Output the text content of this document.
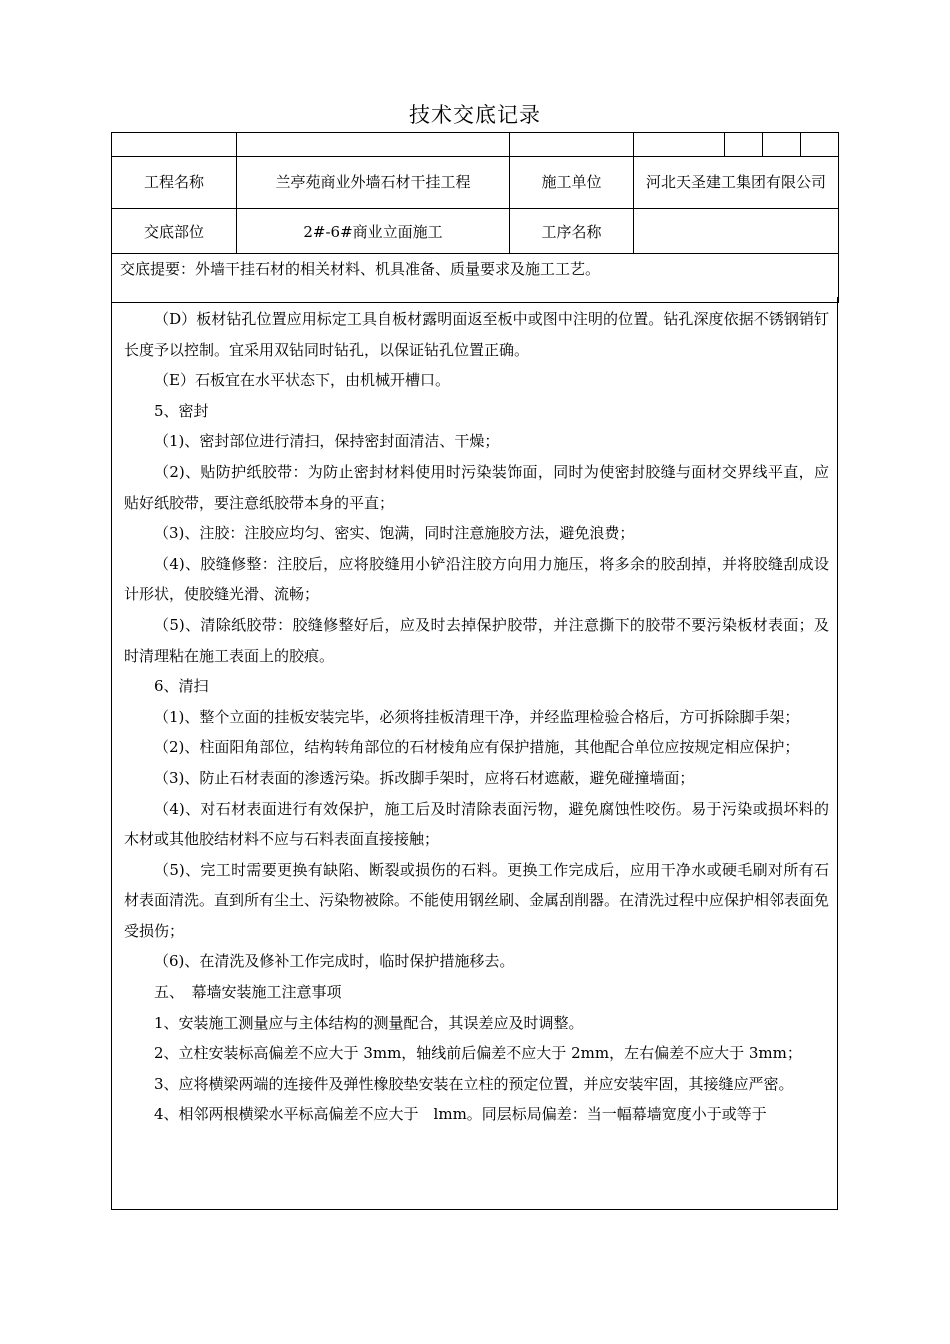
技术交底记录

工程名称	兰亭苑商业外墙石材干挂工程	施工单位	河北天圣建工集团有限公司
交底部位	2#-6#商业立面施工	工序名称	
交底提要：外墙干挂石材的相关材料、机具准备、质量要求及施工工艺。			
（D）板材钻孔位置应用标定工具自板材露明面返至板中或图中注明的位置。钻孔深度依据不锈钢销钉长度予以控制。宜采用双钻同时钻孔，以保证钻孔位置正确。
（E）石板宜在水平状态下，由机械开槽口。
5、密封
（1)、密封部位进行清扫，保持密封面清洁、干燥；
（2)、贴防护纸胶带：为防止密封材料使用时污染装饰面，同时为使密封胶缝与面材交界线平直，应贴好纸胶带，要注意纸胶带本身的平直；
（3)、注胶：注胶应均匀、密实、饱满，同时注意施胶方法，避免浪费；
（4)、胶缝修整：注胶后，应将胶缝用小铲沿注胶方向用力施压，将多余的胶刮掉，并将胶缝刮成设计形状，使胶缝光滑、流畅；
（5)、清除纸胶带：胶缝修整好后，应及时去掉保护胶带，并注意撕下的胶带不要污染板材表面；及时清理粘在施工表面上的胶痕。
6、清扫
（1)、整个立面的挂板安装完毕，必须将挂板清理干净，并经监理检验合格后，方可拆除脚手架；
（2)、柱面阳角部位，结构转角部位的石材棱角应有保护措施，其他配合单位应按规定相应保护；
（3)、防止石材表面的渗透污染。拆改脚手架时，应将石材遮蔽，避免碰撞墙面；
（4)、对石材表面进行有效保护，施工后及时清除表面污物，避免腐蚀性咬伤。易于污染或损坏料的木材或其他胶结材料不应与石料表面直接接触；
（5)、完工时需要更换有缺陷、断裂或损伤的石料。更换工作完成后，应用干净水或硬毛刷对所有石材表面清洗。直到所有尘土、污染物被除。不能使用钢丝刷、金属刮削器。在清洗过程中应保护相邻表面免受损伤；
（6)、在清洗及修补工作完成时，临时保护措施移去。
五、　幕墙安装施工注意事项
1、安装施工测量应与主体结构的测量配合，其误差应及时调整。
2、立柱安装标高偏差不应大于 3mm，轴线前后偏差不应大于 2mm，左右偏差不应大于 3mm；
3、应将横梁两端的连接件及弹性橡胶垫安装在立柱的预定位置，并应安装牢固，其接缝应严密。
4、相邻两根横梁水平标高偏差不应大于　lmm。同层标局偏差：当一幅幕墙宽度小于或等于
